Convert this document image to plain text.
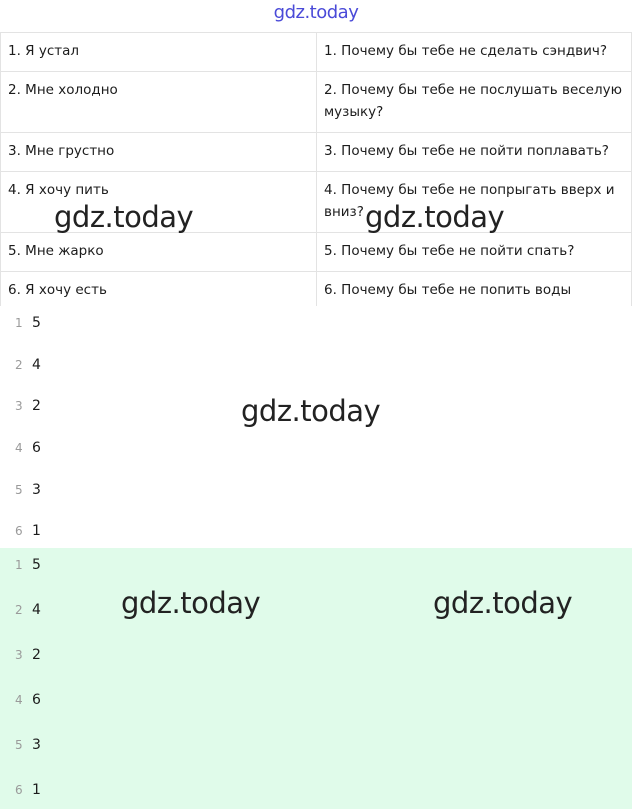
gdz.today
1. Я устал	1. Почему бы тебе не сделать сэндвич?
2. Мне холодно	2. Почему бы тебе не послушать веселую музыку?
3. Мне грустно	3. Почему бы тебе не пойти поплавать?
4. Я хочу пить	4. Почему бы тебе не попрыгать вверх и вниз?
5. Мне жарко	5. Почему бы тебе не пойти спать?
6. Я хочу есть	6. Почему бы тебе не попить воды
1 5
2 4
3 2
4 6
5 3
6 1
1 5
2 4
3 2
4 6
5 3
6 1
gdz.today	gdz.today
gdz.today
gdz.today	gdz.today
